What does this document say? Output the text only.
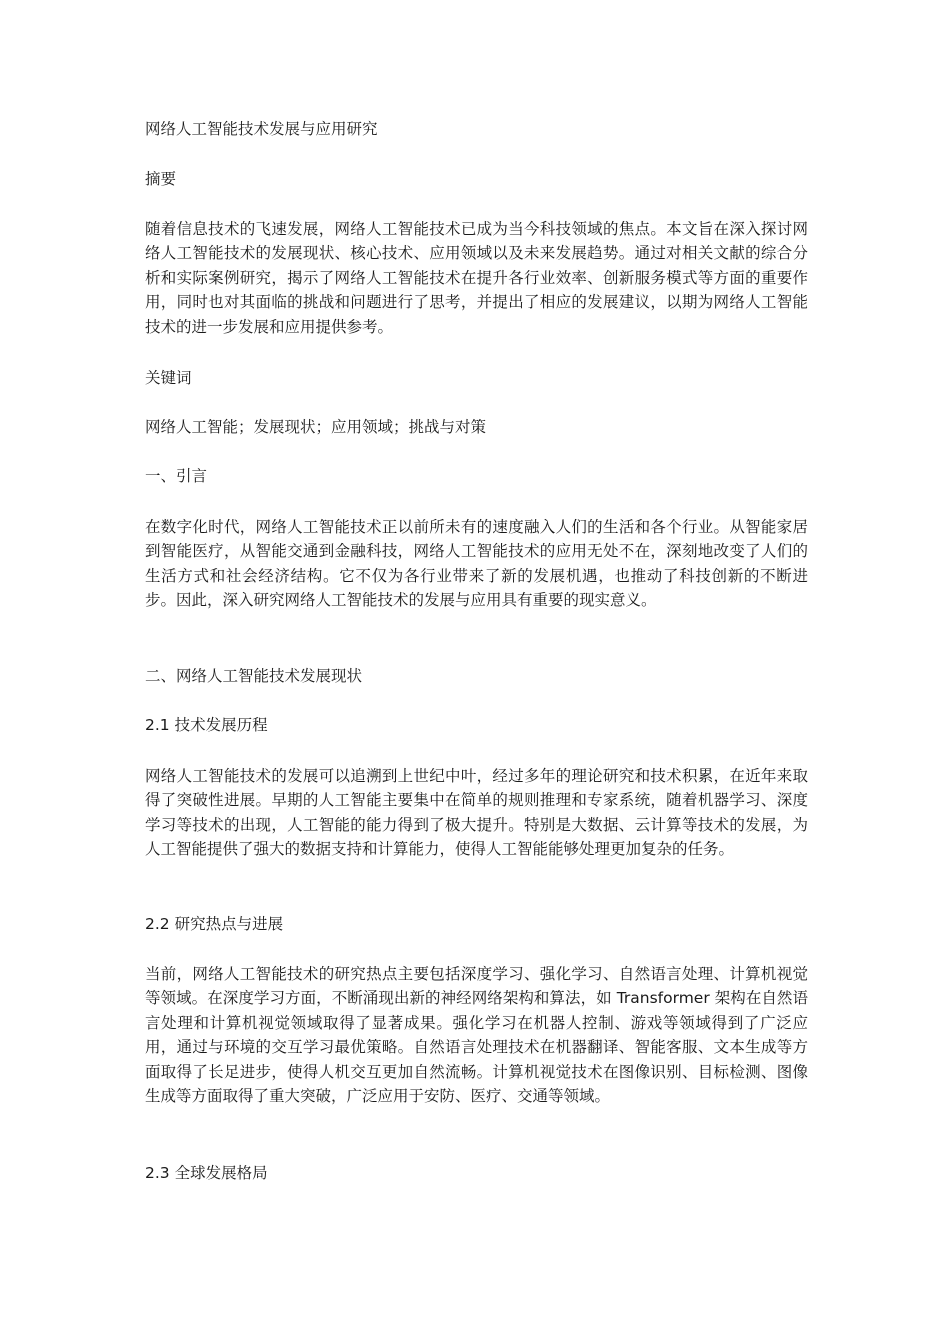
网络人工智能技术发展与应用研究
摘要
随着信息技术的飞速发展，网络人工智能技术已成为当今科技领域的焦点。本文旨在深入探讨网络人工智能技术的发展现状、核心技术、应用领域以及未来发展趋势。通过对相关文献的综合分析和实际案例研究，揭示了网络人工智能技术在提升各行业效率、创新服务模式等方面的重要作用，同时也对其面临的挑战和问题进行了思考，并提出了相应的发展建议，以期为网络人工智能技术的进一步发展和应用提供参考。
关键词
网络人工智能；发展现状；应用领域；挑战与对策
一、引言
在数字化时代，网络人工智能技术正以前所未有的速度融入人们的生活和各个行业。从智能家居到智能医疗，从智能交通到金融科技，网络人工智能技术的应用无处不在，深刻地改变了人们的生活方式和社会经济结构。它不仅为各行业带来了新的发展机遇，也推动了科技创新的不断进步。因此，深入研究网络人工智能技术的发展与应用具有重要的现实意义。
二、网络人工智能技术发展现状
2.1 技术发展历程
网络人工智能技术的发展可以追溯到上世纪中叶，经过多年的理论研究和技术积累，在近年来取得了突破性进展。早期的人工智能主要集中在简单的规则推理和专家系统，随着机器学习、深度学习等技术的出现，人工智能的能力得到了极大提升。特别是大数据、云计算等技术的发展，为人工智能提供了强大的数据支持和计算能力，使得人工智能能够处理更加复杂的任务。
2.2 研究热点与进展
当前，网络人工智能技术的研究热点主要包括深度学习、强化学习、自然语言处理、计算机视觉等领域。在深度学习方面，不断涌现出新的神经网络架构和算法，如 Transformer 架构在自然语言处理和计算机视觉领域取得了显著成果。强化学习在机器人控制、游戏等领域得到了广泛应用，通过与环境的交互学习最优策略。自然语言处理技术在机器翻译、智能客服、文本生成等方面取得了长足进步，使得人机交互更加自然流畅。计算机视觉技术在图像识别、目标检测、图像生成等方面取得了重大突破，广泛应用于安防、医疗、交通等领域。
2.3 全球发展格局
